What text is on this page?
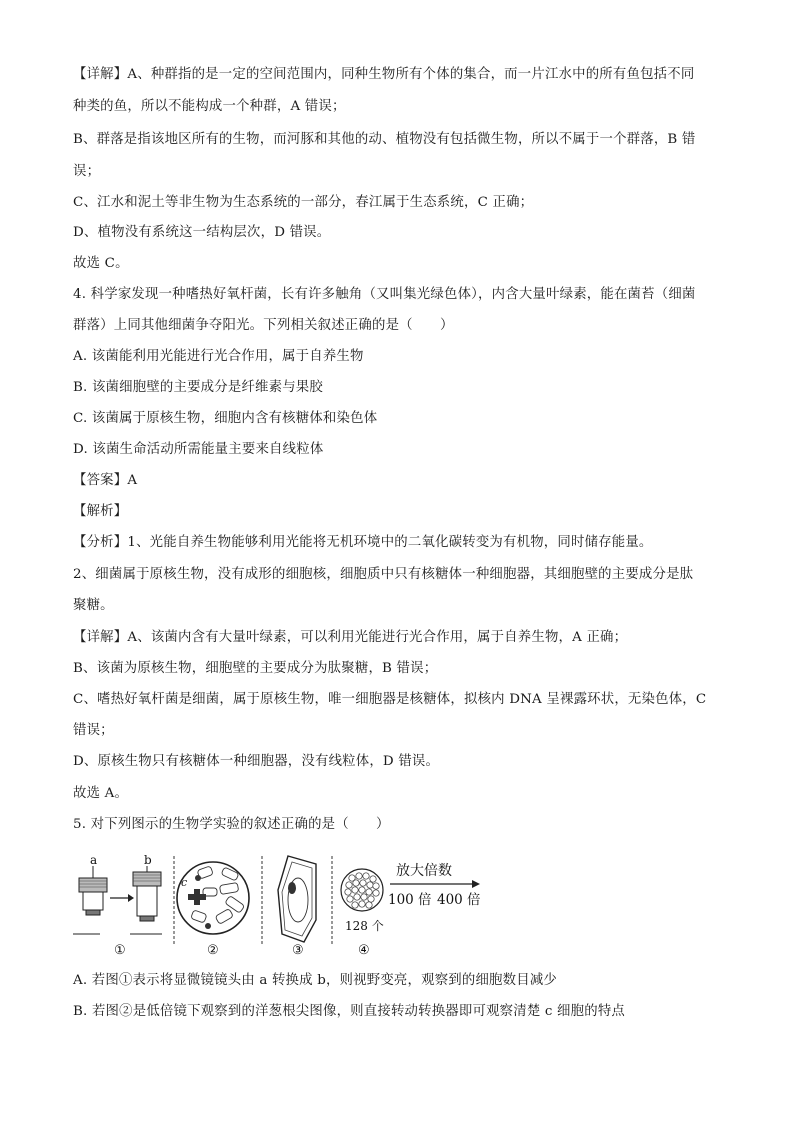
【详解】A、种群指的是一定的空间范围内，同种生物所有个体的集合，而一片江水中的所有鱼包括不同
种类的鱼，所以不能构成一个种群，A 错误；
B、群落是指该地区所有的生物，而河豚和其他的动、植物没有包括微生物，所以不属于一个群落，B 错
误；
C、江水和泥土等非生物为生态系统的一部分，春江属于生态系统，C 正确；
D、植物没有系统这一结构层次，D 错误。
故选 C。
4. 科学家发现一种嗜热好氧杆菌，长有许多触角（又叫集光绿色体），内含大量叶绿素，能在菌苔（细菌
群落）上同其他细菌争夺阳光。下列相关叙述正确的是（　　）
A. 该菌能利用光能进行光合作用，属于自养生物
B. 该菌细胞壁的主要成分是纤维素与果胶
C. 该菌属于原核生物，细胞内含有核糖体和染色体
D. 该菌生命活动所需能量主要来自线粒体
【答案】A
【解析】
【分析】1、光能自养生物能够利用光能将无机环境中的二氧化碳转变为有机物，同时储存能量。
2、细菌属于原核生物，没有成形的细胞核，细胞质中只有核糖体一种细胞器，其细胞壁的主要成分是肽
聚糖。
【详解】A、该菌内含有大量叶绿素，可以利用光能进行光合作用，属于自养生物，A 正确；
B、该菌为原核生物，细胞壁的主要成分为肽聚糖，B 错误；
C、嗜热好氧杆菌是细菌，属于原核生物，唯一细胞器是核糖体，拟核内 DNA 呈裸露环状，无染色体，C
错误；
D、原核生物只有核糖体一种细胞器，没有线粒体，D 错误。
故选 A。
5. 对下列图示的生物学实验的叙述正确的是（　　）
a	b
①
c
②	③
128 个
放大倍数
100 倍 400 倍
④
A. 若图①表示将显微镜镜头由 a 转换成 b，则视野变亮，观察到的细胞数目减少
B. 若图②是低倍镜下观察到的洋葱根尖图像，则直接转动转换器即可观察清楚 c 细胞的特点
